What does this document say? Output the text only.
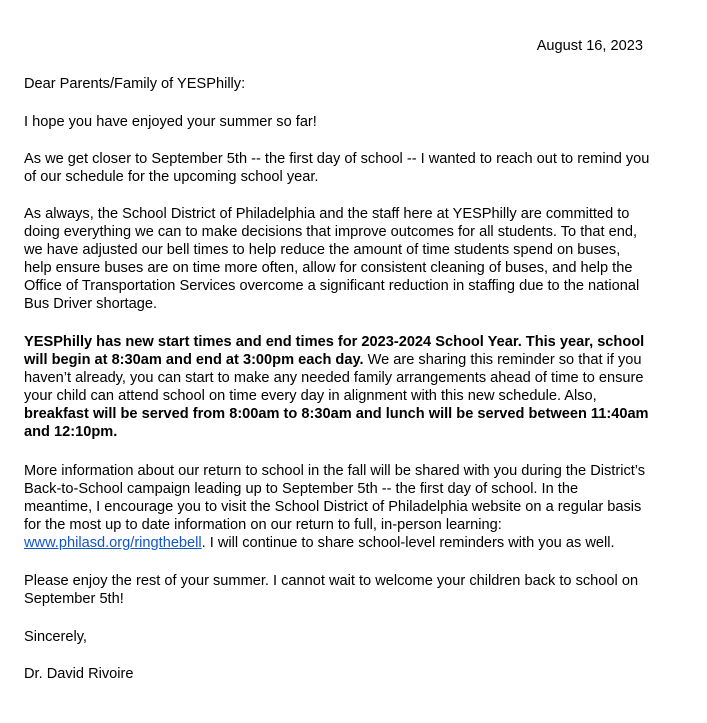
August 16, 2023

Dear Parents/Family of YESPhilly:

I hope you have enjoyed your summer so far!

As we get closer to September 5th -- the first day of school -- I wanted to reach out to remind you of our schedule for the upcoming school year.

As always, the School District of Philadelphia and the staff here at YESPhilly are committed to doing everything we can to make decisions that improve outcomes for all students. To that end, we have adjusted our bell times to help reduce the amount of time students spend on buses, help ensure buses are on time more often, allow for consistent cleaning of buses, and help the Office of Transportation Services overcome a significant reduction in staffing due to the national Bus Driver shortage.

YESPhilly has new start times and end times for 2023-2024 School Year. This year, school will begin at 8:30am and end at 3:00pm each day. We are sharing this reminder so that if you haven’t already, you can start to make any needed family arrangements ahead of time to ensure your child can attend school on time every day in alignment with this new schedule. Also, breakfast will be served from 8:00am to 8:30am and lunch will be served between 11:40am and 12:10pm.

More information about our return to school in the fall will be shared with you during the District’s Back-to-School campaign leading up to September 5th -- the first day of school. In the meantime, I encourage you to visit the School District of Philadelphia website on a regular basis for the most up to date information on our return to full, in-person learning: www.philasd.org/ringthebell. I will continue to share school-level reminders with you as well.

Please enjoy the rest of your summer. I cannot wait to welcome your children back to school on September 5th!

Sincerely,

Dr. David Rivoire
